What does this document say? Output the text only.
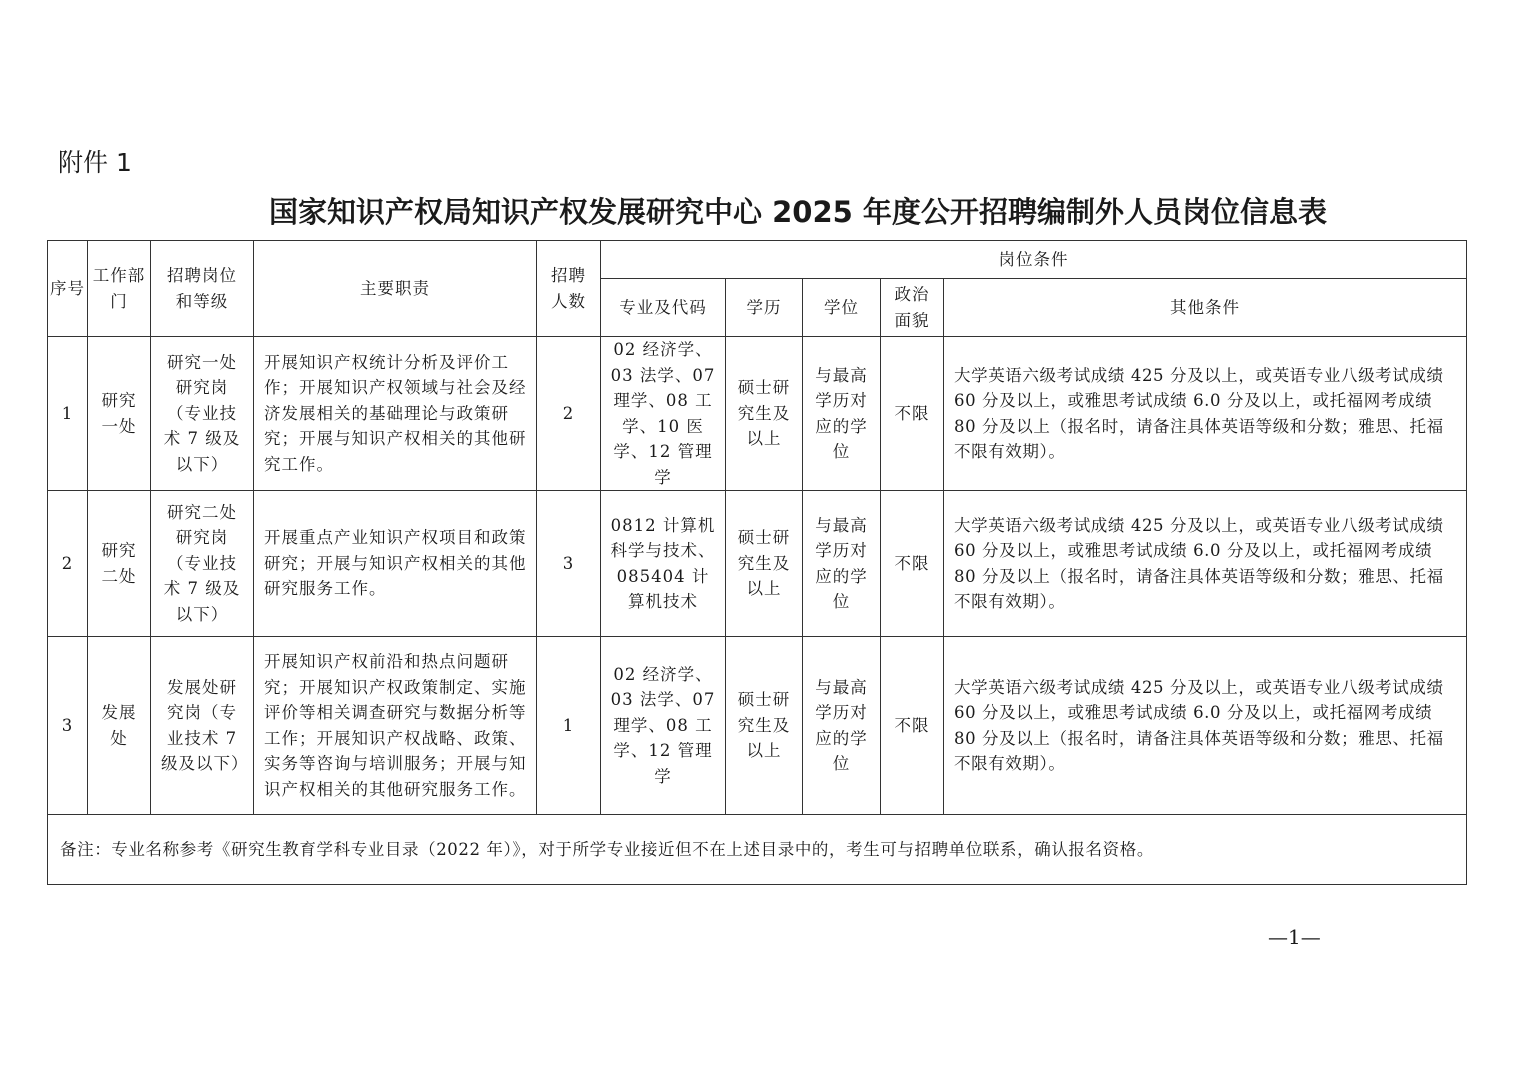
附件 1
国家知识产权局知识产权发展研究中心 2025 年度公开招聘编制外人员岗位信息表
序号	工作部门	招聘岗位和等级	主要职责	招聘人数	岗位条件				
					专业及代码	学历	学位	政治面貌	其他条件
1	研究一处	研究一处研究岗（专业技术 7 级及以下）	开展知识产权统计分析及评价工作；开展知识产权领域与社会及经济发展相关的基础理论与政策研究；开展与知识产权相关的其他研究工作。	2	02 经济学、03 法学、07 理学、08 工学、10 医学、12 管理学	硕士研究生及以上	与最高学历对应的学位	不限	大学英语六级考试成绩 425 分及以上，或英语专业八级考试成绩 60 分及以上，或雅思考试成绩 6.0 分及以上，或托福网考成绩 80 分及以上（报名时，请备注具体英语等级和分数；雅思、托福不限有效期）。
2	研究二处	研究二处研究岗（专业技术 7 级及以下）	开展重点产业知识产权项目和政策研究；开展与知识产权相关的其他研究服务工作。	3	0812 计算机科学与技术、085404 计算机技术	硕士研究生及以上	与最高学历对应的学位	不限	大学英语六级考试成绩 425 分及以上，或英语专业八级考试成绩 60 分及以上，或雅思考试成绩 6.0 分及以上，或托福网考成绩 80 分及以上（报名时，请备注具体英语等级和分数；雅思、托福不限有效期）。
3	发展处	发展处研究岗（专业技术 7 级及以下）	开展知识产权前沿和热点问题研究；开展知识产权政策制定、实施评价等相关调查研究与数据分析等工作；开展知识产权战略、政策、实务等咨询与培训服务；开展与知识产权相关的其他研究服务工作。	1	02 经济学、03 法学、07 理学、08 工学、12 管理学	硕士研究生及以上	与最高学历对应的学位	不限	大学英语六级考试成绩 425 分及以上，或英语专业八级考试成绩 60 分及以上，或雅思考试成绩 6.0 分及以上，或托福网考成绩 80 分及以上（报名时，请备注具体英语等级和分数；雅思、托福不限有效期）。
备注：专业名称参考《研究生教育学科专业目录（2022 年）》，对于所学专业接近但不在上述目录中的，考生可与招聘单位联系，确认报名资格。									
—1—
